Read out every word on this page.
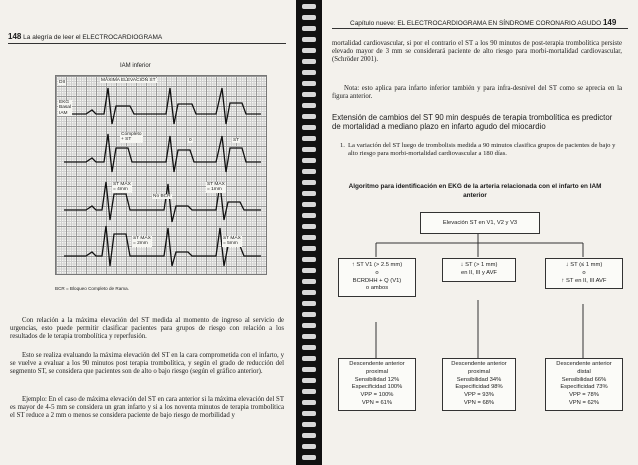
148 La alegría de leer el ELECTROCARDIOGRAMA
IAM inferior
MÁXIMA ELEVACIÓN ST
DII
EKG
Basal
IAM
Completo
+ ST	0	ST
ST MAX
= 4mm
No BCR
ST MAX
= 1mm
ST MAX
= 2mm
ST MAX
= 5mm
BCR = Bloqueo Completo de Rama.

Con relación a la máxima elevación del ST medida al momento de ingreso al servicio de urgencias, esto puede permitir clasificar pacientes para grupos de riesgo con relación a los resultados de le terapia trombolítica y reperfusión.

Esto se realiza evaluando la máxima elevación del ST en la cara comprometida con el infarto, y se vuelve a evaluar a los 90 minutos post terapia trombolítica, y según el grado de reducción del segmento ST, se considera que pacientes son de alto o bajo riesgo (según el gráfico anterior).

Ejemplo: En el caso de máxima elevación del ST en cara anterior si la máxima elevación del ST es mayor de 4-5 mm se considera un gran infarto y si a los noventa minutos de terapia trombolítica el ST reduce a 2 mm o menos se considera paciente de bajo riesgo de morbilidad y

Capítulo nueve: EL ELECTROCARDIOGRAMA EN SÍNDROME CORONARIO AGUDO 149

mortalidad cardiovascular, si por el contrario el ST a los 90 minutos de post-terapia trombolítica persiste elevado mayor de 3 mm se considerará paciente de alto riesgo para morbi-mortalidad cardiovascular, (Schröder 2001).

Nota: esto aplica para infarto inferior también y para infra-desnivel del ST como se aprecia en la figura anterior.

Extensión de cambios del ST 90 min después de terapia trombolítica es predictor de mortalidad a mediano plazo en infarto agudo del miocardio

1. La variación del ST luego de trombolisis medida a 90 minutos clasifica grupos de pacientes de bajo y alto riesgo para morbi-mortalidad cardiovascular a 180 días.

Algoritmo para identificación en EKG de la arteria relacionada con el infarto en IAM anterior

Elevación ST en V1, V2 y V3
↑ ST V1 (> 2.5 mm)
o
BCRDHH + Q (V1)
o ambos
↓ ST (> 1 mm)
en II, III y AVF
↓ ST (≤ 1 mm)
o
↑ ST en II, III AVF
Descendente anterior
proximal
Sensibilidad 12%
Especificidad 100%
VPP = 100%
VPN = 61%
Descendente anterior
proximal
Sensibilidad 34%
Especificidad 98%
VPP = 93%
VPN = 68%
Descendente anterior
distal
Sensibilidad 66%
Especificidad 73%
VPP = 78%
VPN = 62%
